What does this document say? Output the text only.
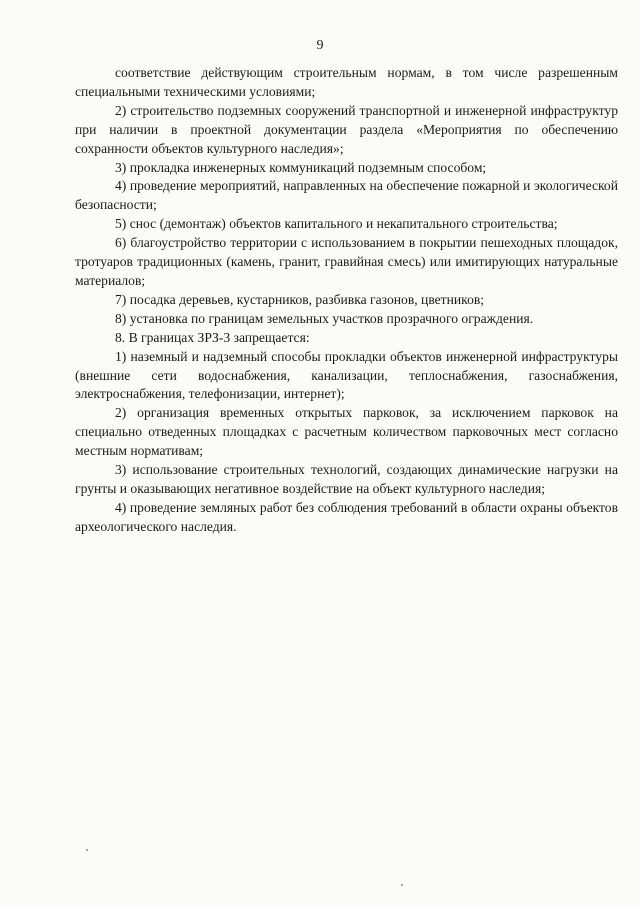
9

соответствие действующим строительным нормам, в том числе разрешенным специальными техническими условиями;

2) строительство подземных сооружений транспортной и инженерной инфраструктур при наличии в проектной документации раздела «Мероприятия по обеспечению сохранности объектов культурного наследия»;

3) прокладка инженерных коммуникаций подземным способом;

4) проведение мероприятий, направленных на обеспечение пожарной и экологической безопасности;

5) снос (демонтаж) объектов капитального и некапитального строительства;

6) благоустройство территории с использованием в покрытии пешеходных площадок, тротуаров традиционных (камень, гранит, гравийная смесь) или имитирующих натуральные материалов;

7) посадка деревьев, кустарников, разбивка газонов, цветников;

8) установка по границам земельных участков прозрачного ограждения.

8. В границах ЗРЗ-3 запрещается:

1) наземный и надземный способы прокладки объектов инженерной инфраструктуры (внешние сети водоснабжения, канализации, теплоснабжения, газоснабжения, электроснабжения, телефонизации, интернет);

2) организация временных открытых парковок, за исключением парковок на специально отведенных площадках с расчетным количеством парковочных мест согласно местным нормативам;

3) использование строительных технологий, создающих динамические нагрузки на грунты и оказывающих негативное воздействие на объект культурного наследия;

4) проведение земляных работ без соблюдения требований в области охраны объектов археологического наследия.
